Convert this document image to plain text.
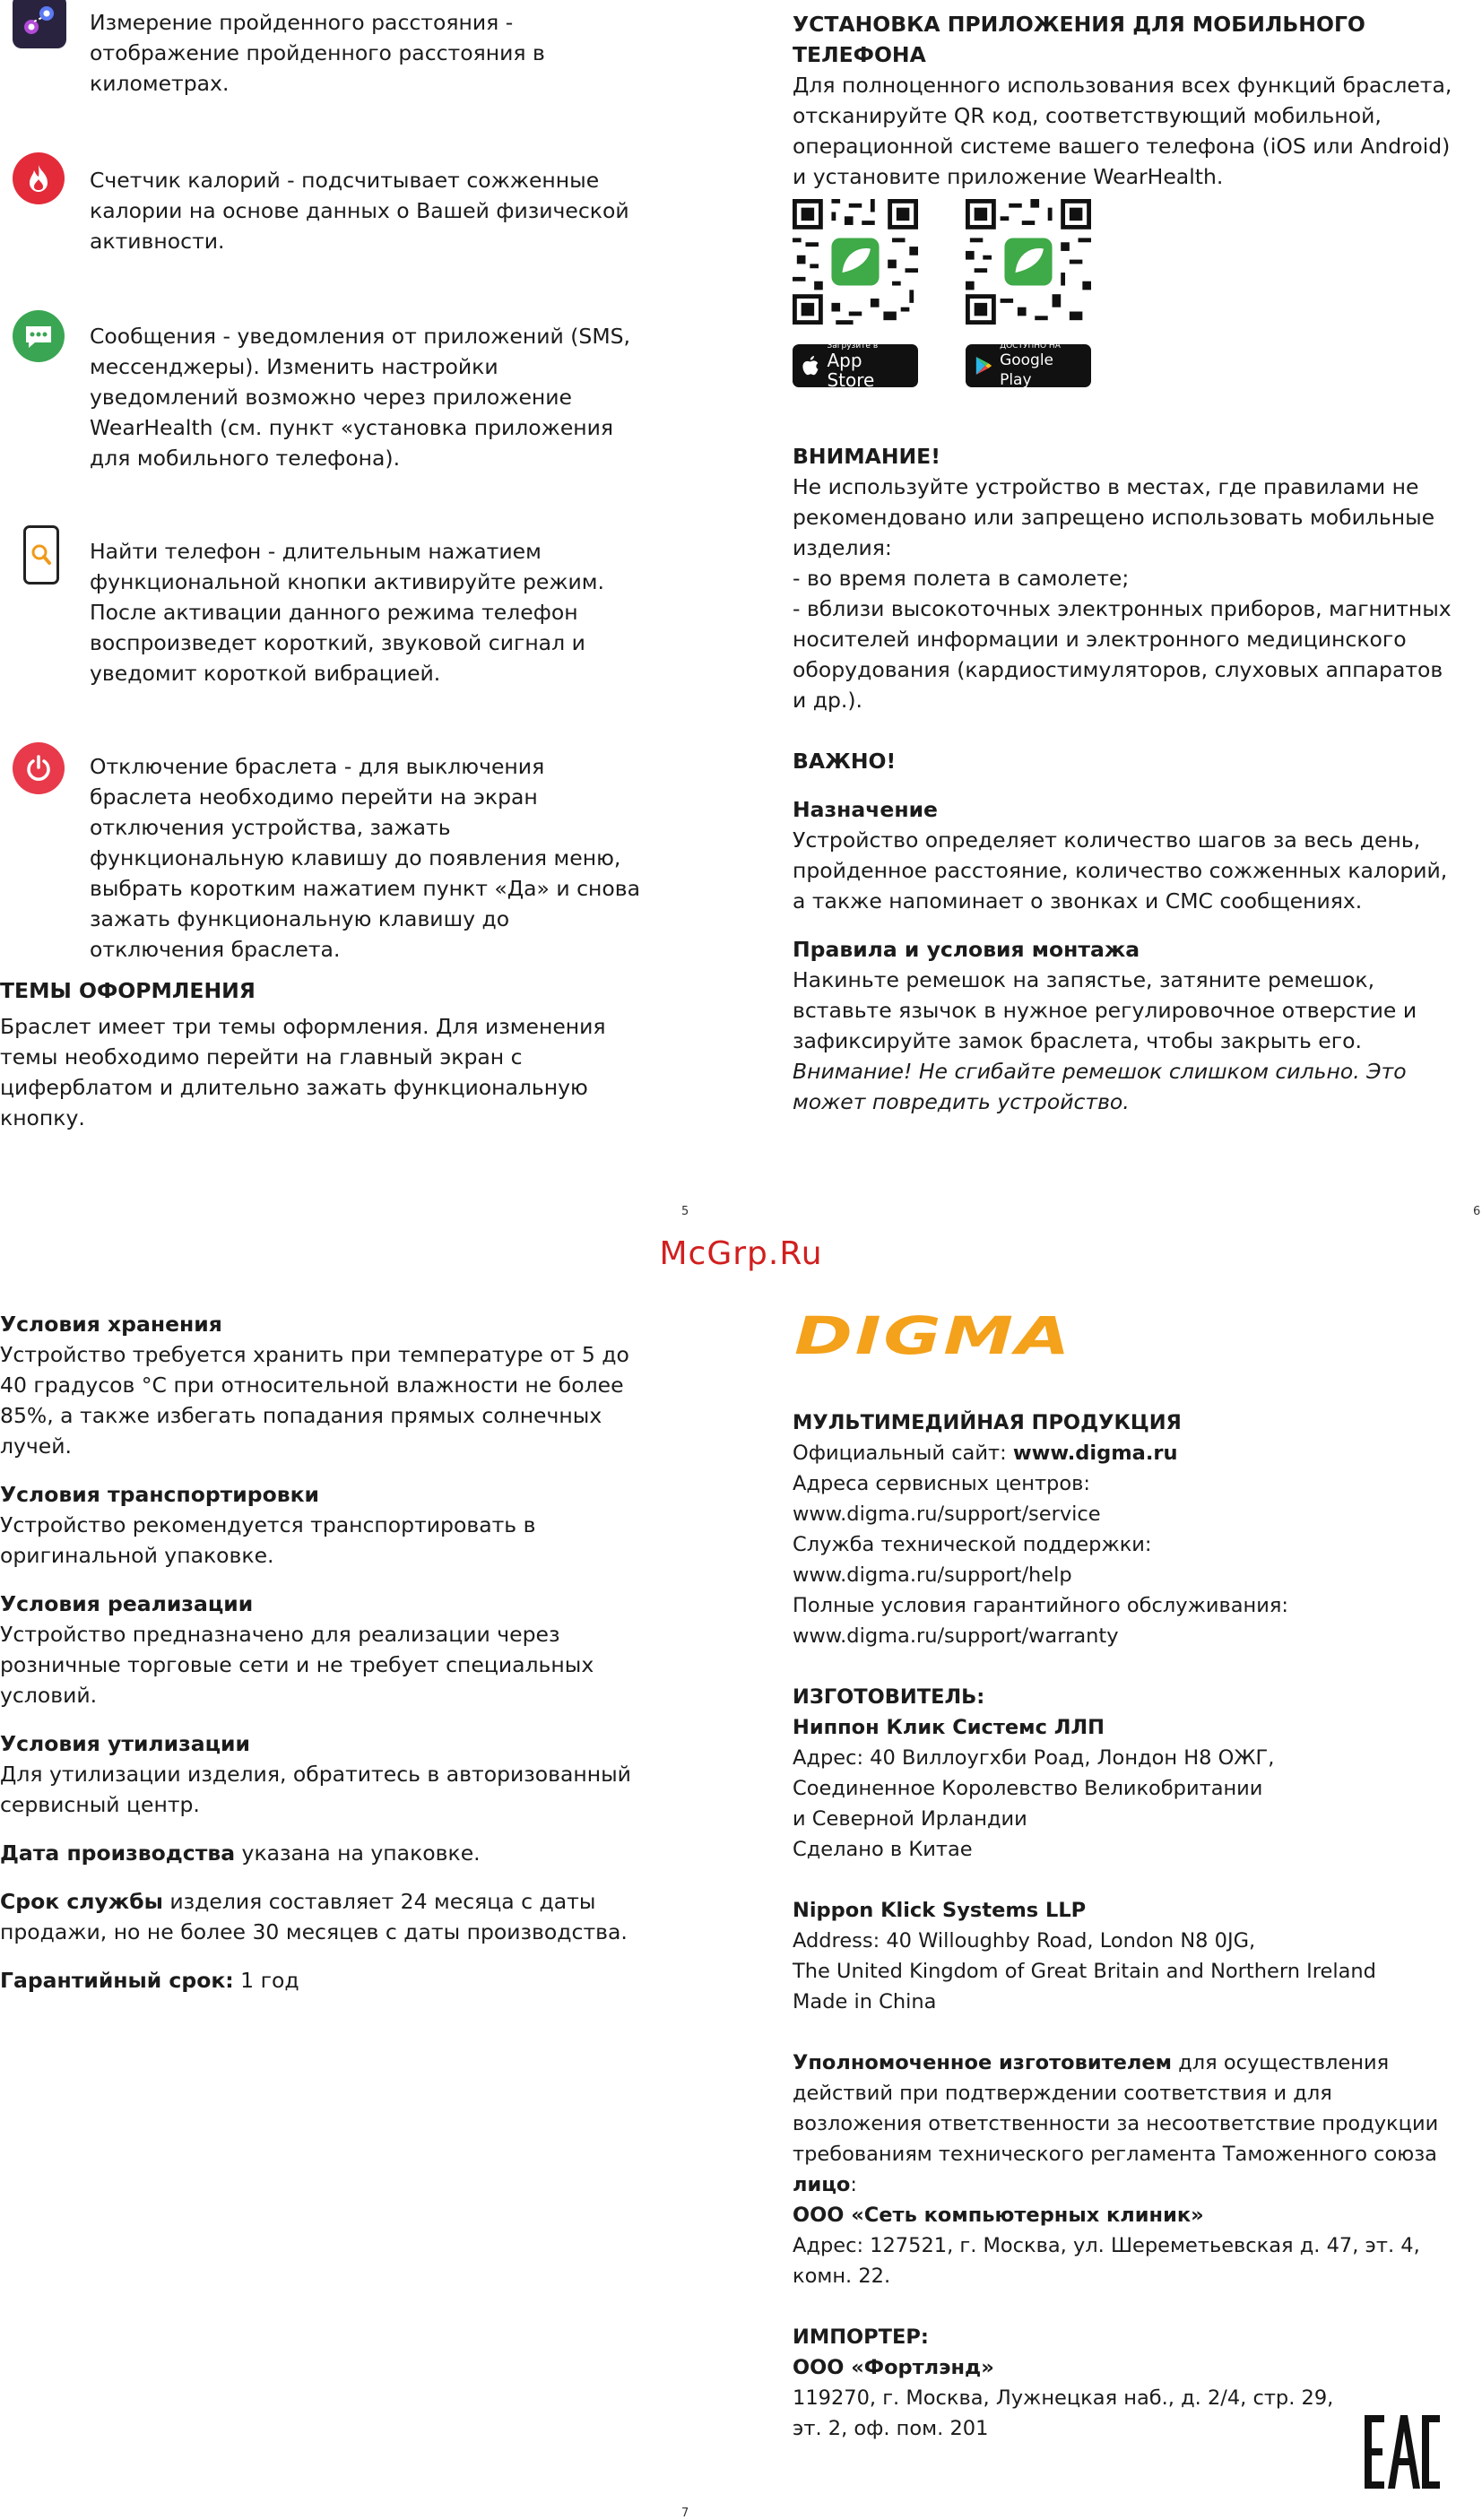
Измерение пройденного расстояния - отображение пройденного расстояния в километрах.
Счетчик калорий - подсчитывает сожженные калории на основе данных о Вашей физической активности.
Сообщения - уведомления от приложений (SMS, мессенджеры). Изменить настройки уведомлений возможно через приложение WearHealth (см. пункт «установка приложения для мобильного телефона).
Найти телефон - длительным нажатием функциональной кнопки активируйте режим. После активации данного режима телефон воспроизведет короткий, звуковой сигнал и уведомит короткой вибрацией.
Отключение браслета - для выключения браслета необходимо перейти на экран отключения устройства, зажать функциональную клавишу до появления меню, выбрать коротким нажатием пункт «Да» и снова зажать функциональную клавишу до отключения браслета.

ТЕМЫ ОФОРМЛЕНИЯ

Браслет имеет три темы оформления. Для изменения темы необходимо перейти на главный экран с циферблатом и длительно зажать функциональную кнопку.

УСТАНОВКА ПРИЛОЖЕНИЯ ДЛЯ МОБИЛЬНОГО ТЕЛЕФОНА

Для полноценного использования всех функций браслета, отсканируйте QR код, соответствующий мобильной, операционной системе вашего телефона (iOS или Android) и установите приложение WearHealth.

Загрузите в
App Store
ДОСТУПНО НА
Google Play

ВНИМАНИЕ!

Не используйте устройство в местах, где правилами не рекомендовано или запрещено использовать мобильные изделия:

- во время полета в самолете;

- вблизи высокоточных электронных приборов, магнитных носителей информации и электронного медицинского оборудования (кардиостимуляторов, слуховых аппаратов и др.).

ВАЖНО!

Назначение

Устройство определяет количество шагов за весь день, пройденное расстояние, количество сожженных калорий, а также напоминает о звонках и СМС сообщениях.

Правила и условия монтажа

Накиньте ремешок на запястье, затяните ремешок, вставьте язычок в нужное регулировочное отверстие и зафиксируйте замок браслета, чтобы закрыть его.

Внимание! Не сгибайте ремешок слишком сильно. Это может повредить устройство.

5	6
7
McGrp.Ru

Условия хранения

Устройство требуется хранить при температуре от 5 до 40 градусов °С при относительной влажности не более 85%, а также избегать попадания прямых солнечных лучей.

Условия транспортировки

Устройство рекомендуется транспортировать в оригинальной упаковке.

Условия реализации

Устройство предназначено для реализации через розничные торговые сети и не требует специальных условий.

Условия утилизации

Для утилизации изделия, обратитесь в авторизованный сервисный центр.

Дата производства указана на упаковке.

Срок службы изделия составляет 24 месяца с даты продажи, но не более 30 месяцев с даты производства.

Гарантийный срок: 1 год

DIGMA

МУЛЬТИМЕДИЙНАЯ ПРОДУКЦИЯ

Официальный сайт: www.digma.ru

Адреса сервисных центров:

www.digma.ru/support/service

Служба технической поддержки:

www.digma.ru/support/help

Полные условия гарантийного обслуживания:

www.digma.ru/support/warranty

ИЗГОТОВИТЕЛЬ:

Ниппон Клик Системс ЛЛП

Адрес: 40 Виллоугхби Роад, Лондон Н8 ОЖГ,

Соединенное Королевство Великобритании

и Северной Ирландии

Сделано в Китае

Nippon Klick Systems LLP

Address: 40 Willoughby Road, London N8 0JG,

The United Kingdom of Great Britain and Northern Ireland

Made in China

Уполномоченное изготовителем для осуществления действий при подтверждении соответствия и для возложения ответственности за несоответствие продукции требованиям технического регламента Таможенного союза лицо:

ООО «Сеть компьютерных клиник»

Адрес: 127521, г. Москва, ул. Шереметьевская д. 47, эт. 4, комн. 22.

ИМПОРТЕР:

ООО «Фортлэнд»

119270, г. Москва, Лужнецкая наб., д. 2/4, стр. 29,

эт. 2, оф. пом. 201
